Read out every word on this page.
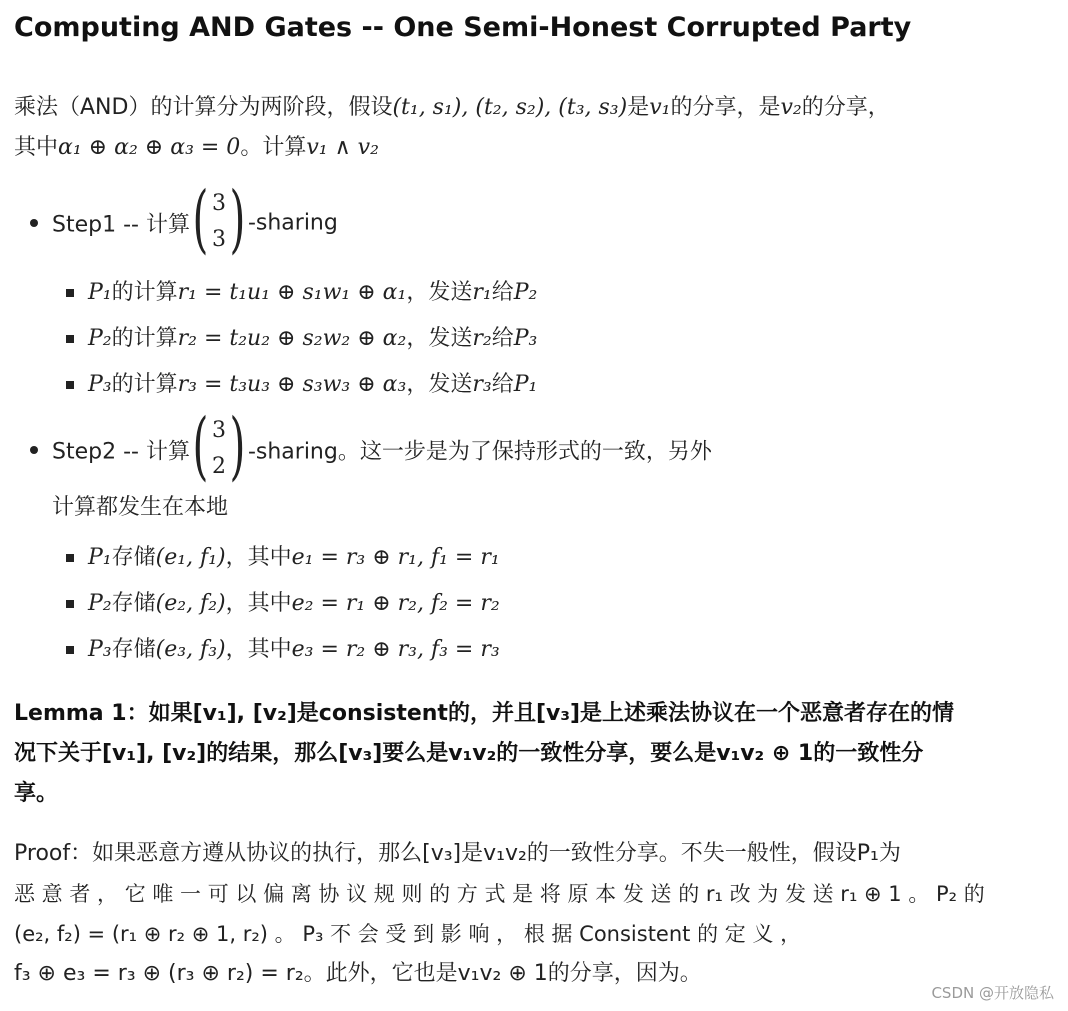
Computing AND Gates -- One Semi-Honest Corrupted Party
乘法（AND）的计算分为两阶段，假设(t₁, s₁), (t₂, s₂), (t₃, s₃)是v₁的分享，是v₂的分享，
其中α₁ ⊕ α₂ ⊕ α₃ = 0。计算v₁ ∧ v₂
Step1 -- 计算 ( 3
3 ) -sharing
P₁的计算r₁ = t₁u₁ ⊕ s₁w₁ ⊕ α₁，发送r₁给P₂
P₂的计算r₂ = t₂u₂ ⊕ s₂w₂ ⊕ α₂，发送r₂给P₃
P₃的计算r₃ = t₃u₃ ⊕ s₃w₃ ⊕ α₃，发送r₃给P₁
Step2 -- 计算 ( 3
2 ) -sharing。这一步是为了保持形式的一致，另外
计算都发生在本地
P₁存储(e₁, f₁)，其中e₁ = r₃ ⊕ r₁, f₁ = r₁
P₂存储(e₂, f₂)，其中e₂ = r₁ ⊕ r₂, f₂ = r₂
P₃存储(e₃, f₃)，其中e₃ = r₂ ⊕ r₃, f₃ = r₃
Lemma 1：如果[v₁], [v₂]是consistent的，并且[v₃]是上述乘法协议在一个恶意者存在的情
况下关于[v₁], [v₂]的结果，那么[v₃]要么是v₁v₂的一致性分享，要么是v₁v₂ ⊕ 1的一致性分
享。
Proof：如果恶意方遵从协议的执行，那么[v₃]是v₁v₂的一致性分享。不失一般性，假设P₁为
恶 意 者 ， 它 唯 一 可 以 偏 离 协 议 规 则 的 方 式 是 将 原 本 发 送 的 r₁ 改 为 发 送 r₁ ⊕ 1 。 P₂ 的
(e₂, f₂) = (r₁ ⊕ r₂ ⊕ 1, r₂) 。 P₃ 不 会 受 到 影 响 ， 根 据 Consistent 的 定 义 ，
f₃ ⊕ e₃ = r₃ ⊕ (r₃ ⊕ r₂) = r₂。此外，它也是v₁v₂ ⊕ 1的分享，因为。
CSDN @开放隐私
